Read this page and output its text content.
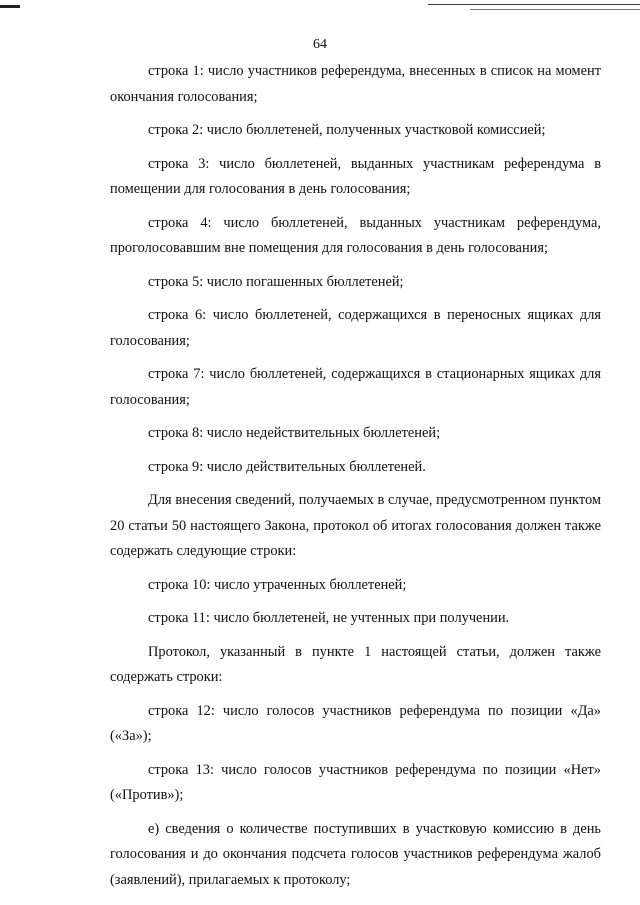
64

строка 1: число участников референдума, внесенных в список на момент окончания голосования;

строка 2: число бюллетеней, полученных участковой комиссией;

строка 3: число бюллетеней, выданных участникам референдума в помещении для голосования в день голосования;

строка 4: число бюллетеней, выданных участникам референдума, проголосовавшим вне помещения для голосования в день голосования;

строка 5: число погашенных бюллетеней;

строка 6: число бюллетеней, содержащихся в переносных ящиках для голосования;

строка 7: число бюллетеней, содержащихся в стационарных ящиках для голосования;

строка 8: число недействительных бюллетеней;

строка 9: число действительных бюллетеней.

Для внесения сведений, получаемых в случае, предусмотренном пунктом 20 статьи 50 настоящего Закона, протокол об итогах голосования должен также содержать следующие строки:

строка 10: число утраченных бюллетеней;

строка 11: число бюллетеней, не учтенных при получении.

Протокол, указанный в пункте 1 настоящей статьи, должен также содержать строки:

строка 12: число голосов участников референдума по позиции «Да» («За»);

строка 13: число голосов участников референдума по позиции «Нет» («Против»);

е) сведения о количестве поступивших в участковую комиссию в день голосования и до окончания подсчета голосов участников референдума жалоб (заявлений), прилагаемых к протоколу;
